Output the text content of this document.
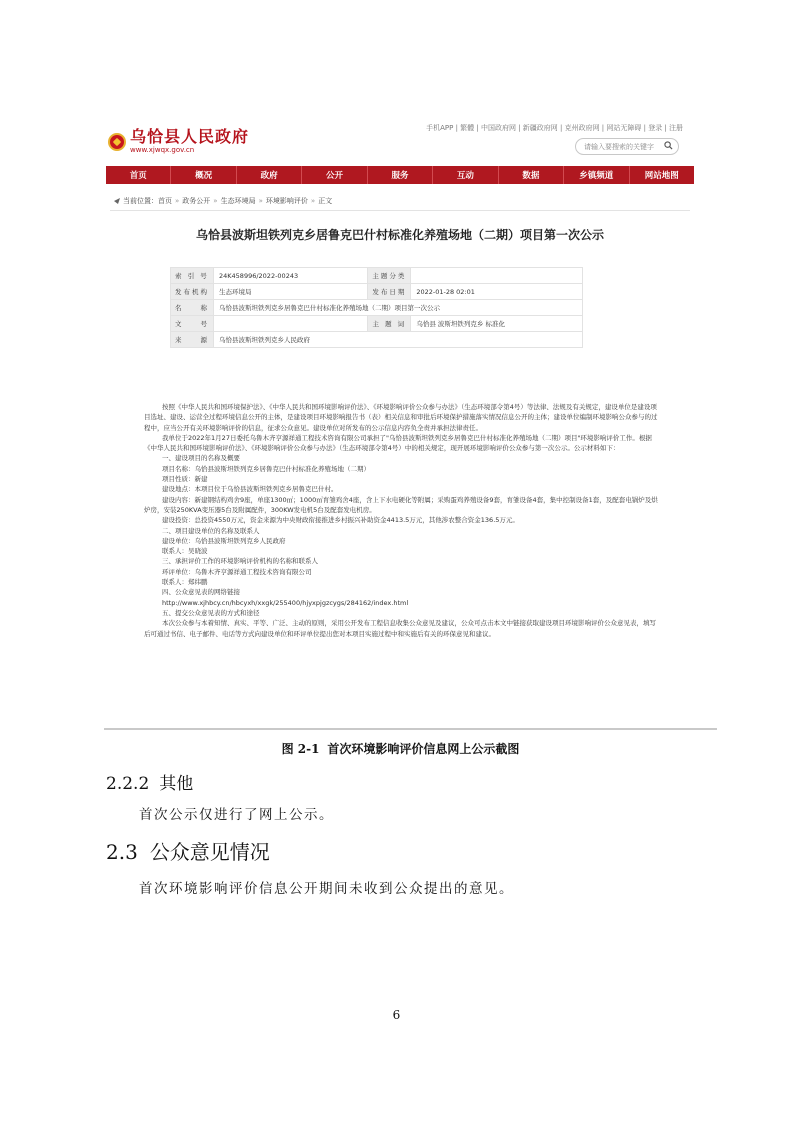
乌恰县人民政府
www.xjwqx.gov.cn
手机APP | 繁體 | 中国政府网 | 新疆政府网 | 克州政府网 | 网站无障碍 | 登录 | 注册
请输入要搜索的关键字
首页	概况	政府	公开	服务	互动	数据	乡镇频道	网站地图
当前位置： 首页 » 政务公开 » 生态环境局 » 环境影响评价 » 正文
乌恰县波斯坦铁列克乡居鲁克巴什村标准化养殖场地（二期）项目第一次公示
索 引 号	24K458996/2022-00243	主题分类	
发布机构	生态环境局	发布日期	2022-01-28 02:01
名　　称	乌恰县波斯坦铁列克乡居鲁克巴什村标准化养殖场地（二期）项目第一次公示		
文　　号		主 题 词	乌恰县 波斯坦铁列克乡 标准化
来　　源	乌恰县波斯坦铁列克乡人民政府		

按照《中华人民共和国环境保护法》、《中华人民共和国环境影响评价法》、《环境影响评价公众参与办法》（生态环境部令第4号）等法律、法规及有关规定，建设单位是建设项目选址、建设、运营全过程环境信息公开的主体，是建设项目环境影响报告书（表）相关信息和审批后环境保护措施落实情况信息公开的主体；建设单位编制环境影响公众参与的过程中，应当公开有关环境影响评价的信息，征求公众意见。建设单位对所发布的公示信息内容负全责并承担法律责任。

我单位于2022年1月27日委托乌鲁木齐亨源祥通工程技术咨询有限公司承担了"乌恰县波斯坦铁列克乡居鲁克巴什村标准化养殖场地（二期）项目"环境影响评价工作。根据《中华人民共和国环境影响评价法》、《环境影响评价公众参与办法》（生态环境部令第4号）中的相关规定，现开展环境影响评价公众参与第一次公示。公示材料如下：

一、建设项目的名称及概要

项目名称：乌恰县波斯坦铁列克乡居鲁克巴什村标准化养殖场地（二期）

项目性质：新建

建设地点：本项目位于乌恰县波斯坦铁列克乡居鲁克巴什村。

建设内容：新建钢结构鸡舍9座，单座1300㎡；1000㎡育雏鸡舍4座，含上下水电硬化等附属；采购蛋鸡养殖设备9套，育雏设备4套，集中控制设备1套，及配套电锅炉及烘炉房，安装250KVA变压器5台及附属配件，300KW发电机5台及配套发电机房。

建设投资：总投资4550万元，资金来源为中央财政衔接推进乡村振兴补助资金4413.5万元，其他涉农整合资金136.5万元。

二、项目建设单位的名称及联系人

建设单位：乌恰县波斯坦铁列克乡人民政府

联系人：吴晓波

三、承担评价工作的环境影响评价机构的名称和联系人

环评单位：乌鲁木齐亨源祥通工程技术咨询有限公司

联系人：郑纬鹏

四、公众意见表的网络链接

http://www.xjhbcy.cn/hbcyxh/xxgk/255400/hjyxpjgzcygs/284162/index.html

五、提交公众意见表的方式和途径

本次公众参与本着知情、真实、平等、广泛、主动的原则，采用公开发布工程信息收集公众意见及建议，公众可点击本文中链接获取建设项目环境影响评价公众意见表，填写后可通过书信、电子邮件、电话等方式向建设单位和环评单位提出您对本项目实施过程中和实施后有关的环保意见和建议。

图 2-1 首次环境影响评价信息网上公示截图
2.2.2 其他
首次公示仅进行了网上公示。
2.3 公众意见情况
首次环境影响评价信息公开期间未收到公众提出的意见。
6
